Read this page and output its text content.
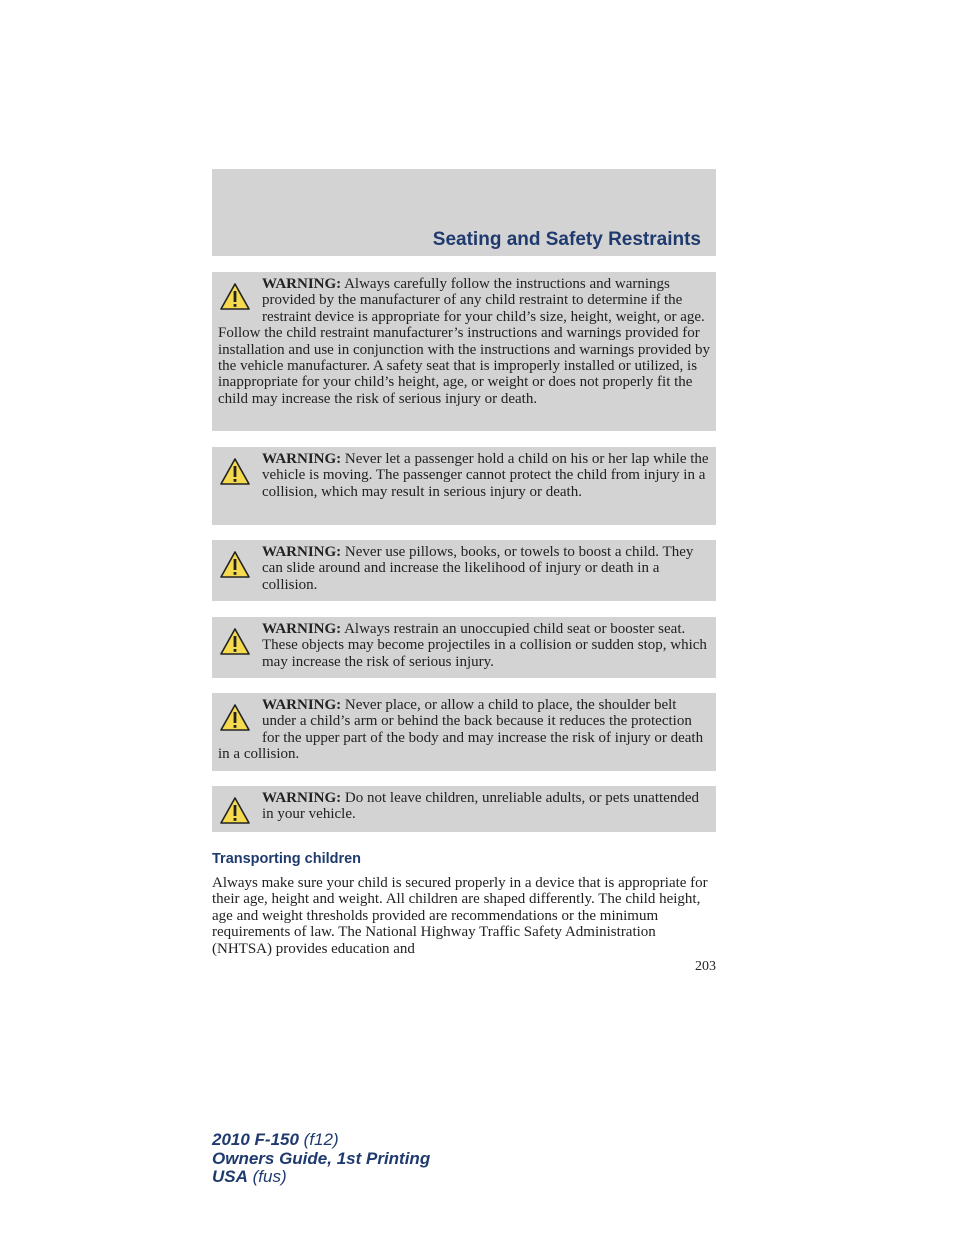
Seating and Safety Restraints

WARNING: Always carefully follow the instructions and warnings provided by the manufacturer of any child restraint to determine if the restraint device is appropriate for your child’s size, height, weight, or age. Follow the child restraint manufacturer’s instructions and warnings provided for installation and use in conjunction with the instructions and warnings provided by the vehicle manufacturer. A safety seat that is improperly installed or utilized, is inappropriate for your child’s height, age, or weight or does not properly fit the child may increase the risk of serious injury or death.

WARNING: Never let a passenger hold a child on his or her lap while the vehicle is moving. The passenger cannot protect the child from injury in a collision, which may result in serious injury or death.

WARNING: Never use pillows, books, or towels to boost a child. They can slide around and increase the likelihood of injury or death in a collision.

WARNING: Always restrain an unoccupied child seat or booster seat. These objects may become projectiles in a collision or sudden stop, which may increase the risk of serious injury.

WARNING: Never place, or allow a child to place, the shoulder belt under a child’s arm or behind the back because it reduces the protection for the upper part of the body and may increase the risk of injury or death in a collision.

WARNING: Do not leave children, unreliable adults, or pets unattended in your vehicle.

Transporting children

Always make sure your child is secured properly in a device that is appropriate for their age, height and weight. All children are shaped differently. The child height, age and weight thresholds provided are recommendations or the minimum requirements of law. The National Highway Traffic Safety Administration (NHTSA) provides education and

203
2010 F-150 (f12)
Owners Guide, 1st Printing
USA (fus)
